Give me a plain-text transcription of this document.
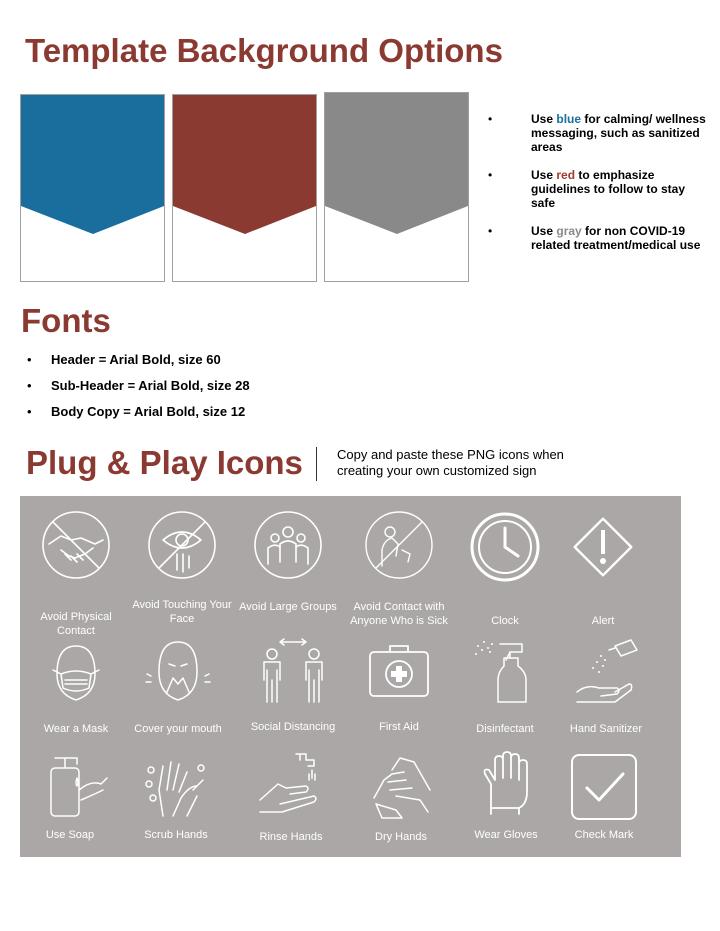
Template Background Options
• Use blue for calming/ wellness messaging, such as sanitized areas
• Use red to emphasize guidelines to follow to stay safe
• Use gray for non COVID-19 related treatment/medical use
Fonts
• Header = Arial Bold, size 60
• Sub-Header = Arial Bold, size 28
• Body Copy = Arial Bold, size 12
Plug & Play Icons	Copy and paste these PNG icons when creating your own customized sign
Avoid Physical Contact
Avoid Touching Your Face
Avoid Large Groups	Avoid Contact with Anyone Who is Sick	Clock	Alert
Wear a Mask	Cover your mouth	Social Distancing	First Aid	Disinfectant	Hand Sanitizer
Use Soap	Scrub Hands	Rinse Hands	Dry Hands	Wear Gloves	Check Mark
